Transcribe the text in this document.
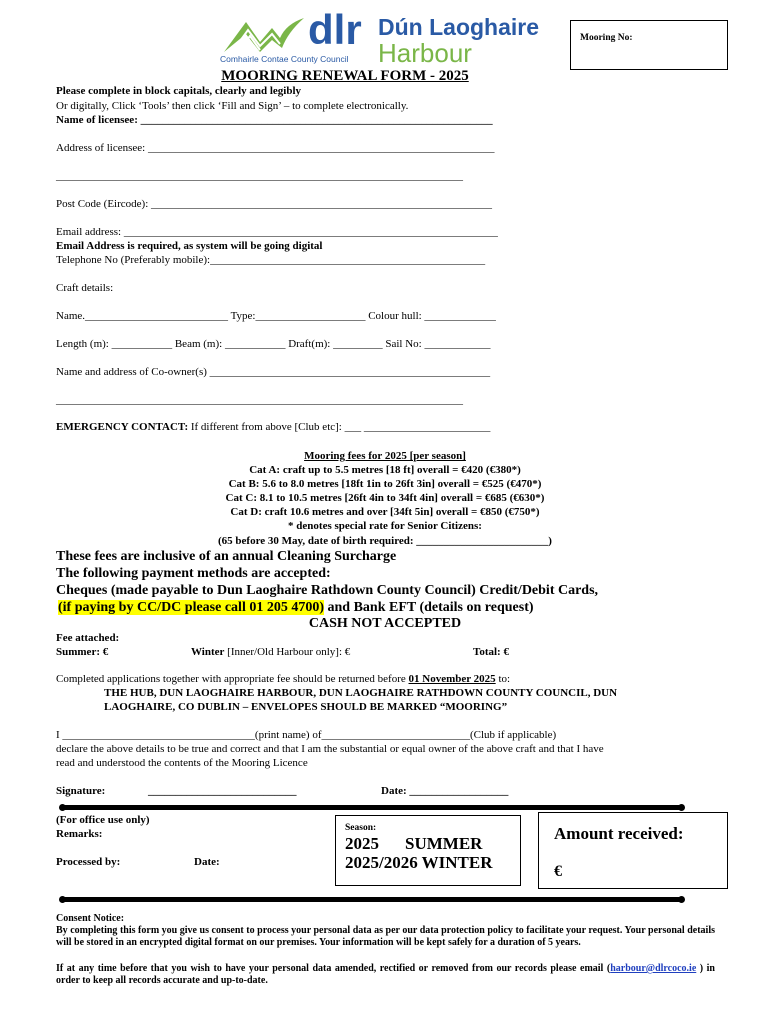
dlr
Comhairle Contae County Council
Dún Laoghaire
Harbour	Mooring No:
MOORING RENEWAL FORM - 2025
Please complete in block capitals, clearly and legibly
Or digitally, Click ‘Tools’ then click ‘Fill and Sign’ – to complete electronically.
Name of licensee: ________________________________________________________________
Address of licensee: _______________________________________________________________
__________________________________________________________________________
Post Code (Eircode): ______________________________________________________________
Email address: ____________________________________________________________________
Email Address is required, as system will be going digital
Telephone No (Preferably mobile):__________________________________________________
Craft details:
Name.__________________________ Type:____________________ Colour hull: _____________
Length (m): ___________ Beam (m): ___________ Draft(m): _________ Sail No: ____________
Name and address of Co-owner(s) ___________________________________________________
__________________________________________________________________________
EMERGENCY CONTACT: If different from above [Club etc]: ___ _______________________
Mooring fees for 2025 [per season]
Cat A: craft up to 5.5 metres [18 ft] overall = €420 (€380*)
Cat B: 5.6 to 8.0 metres [18ft 1in to 26ft 3in] overall = €525 (€470*)
Cat C: 8.1 to 10.5 metres [26ft 4in to 34ft 4in] overall = €685 (€630*)
Cat D: craft 10.6 metres and over [34ft 5in] overall = €850 (€750*)
* denotes special rate for Senior Citizens:
(65 before 30 May, date of birth required: ________________________)
These fees are inclusive of an annual Cleaning Surcharge
The following payment methods are accepted:
Cheques (made payable to Dun Laoghaire Rathdown County Council) Credit/Debit Cards,
(if paying by CC/DC please call 01 205 4700) and Bank EFT (details on request)
CASH NOT ACCEPTED
Fee attached:
Summer: €	Winter [Inner/Old Harbour only]: €	Total: €
Completed applications together with appropriate fee should be returned before 01 November 2025 to:
THE HUB, DUN LAOGHAIRE HARBOUR, DUN LAOGHAIRE RATHDOWN COUNTY COUNCIL, DUN
LAOGHAIRE, CO DUBLIN – ENVELOPES SHOULD BE MARKED “MOORING”
I ___________________________________(print name) of___________________________(Club if applicable)
declare the above details to be true and correct and that I am the substantial or equal owner of the above craft and that I have
read and understood the contents of the Mooring Licence
Signature:	___________________________	Date: __________________
(For office use only)
Remarks:
Processed by:	Date:
Season:
2025 SUMMER
2025/2026 WINTER
Amount received:
€
Consent Notice:
By completing this form you give us consent to process your personal data as per our data protection policy to facilitate your request. Your personal details will be stored in an encrypted digital format on our premises. Your information will be kept safely for a duration of 5 years.
If at any time before that you wish to have your personal data amended, rectified or removed from our records please email (harbour@dlrcoco.ie ) in order to keep all records accurate and up-to-date.
